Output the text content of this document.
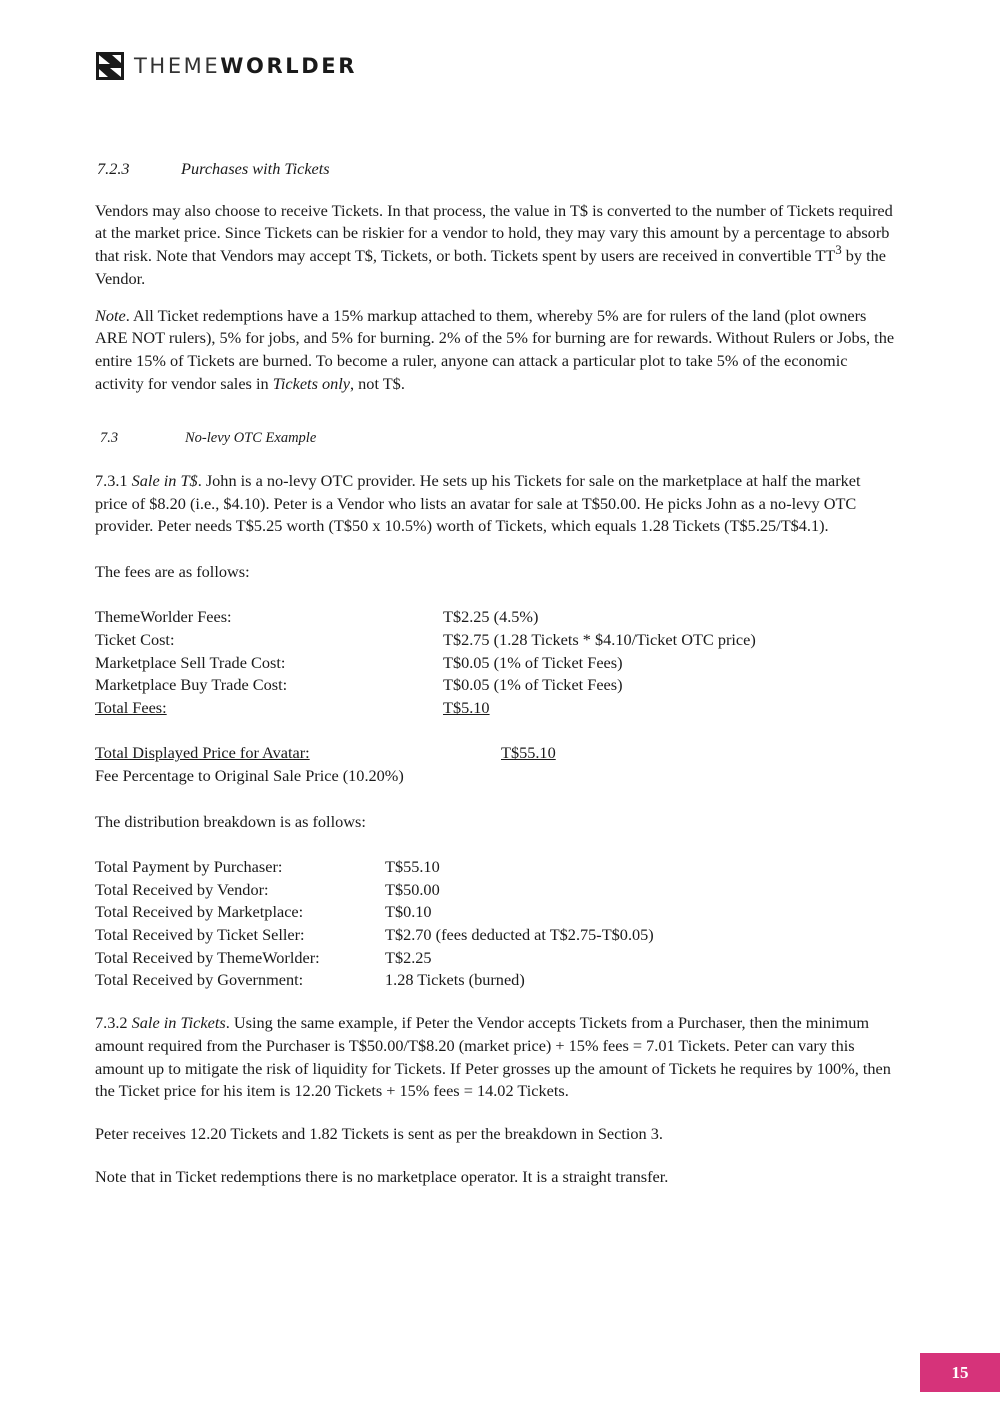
THEMEWORLDER
7.2.3	Purchases with Tickets

Vendors may also choose to receive Tickets. In that process, the value in T$ is converted to the number of Tickets required at the market price. Since Tickets can be riskier for a vendor to hold, they may vary this amount by a percentage to absorb that risk. Note that Vendors may accept T$, Tickets, or both. Tickets spent by users are received in convertible $TT^3$ by the Vendor.

Note. All Ticket redemptions have a 15% markup attached to them, whereby 5% are for rulers of the land (plot owners ARE NOT rulers), 5% for jobs, and 5% for burning. 2% of the 5% for burning are for rewards. Without Rulers or Jobs, the entire 15% of Tickets are burned. To become a ruler, anyone can attack a particular plot to take 5% of the economic activity for vendor sales in Tickets only, not T$.

7.3	No-levy OTC Example

7.3.1 Sale in T$. John is a no-levy OTC provider. He sets up his Tickets for sale on the marketplace at half the market price of $8.20 (i.e., $4.10). Peter is a Vendor who lists an avatar for sale at T$50.00. He picks John as a no-levy OTC provider. Peter needs T$5.25 worth (T$50 x 10.5%) worth of Tickets, which equals 1.28 Tickets (T$5.25/T$4.1).

The fees are as follows:

ThemeWorlder Fees:	T$2.25 (4.5%)
Ticket Cost:	T$2.75 (1.28 Tickets * $4.10/Ticket OTC price)
Marketplace Sell Trade Cost:	T$0.05 (1% of Ticket Fees)
Marketplace Buy Trade Cost:	T$0.05 (1% of Ticket Fees)
Total Fees:	T$5.10
Total Displayed Price for Avatar:	T$55.10

Fee Percentage to Original Sale Price (10.20%)

The distribution breakdown is as follows:

Total Payment by Purchaser:	T$55.10
Total Received by Vendor:	T$50.00
Total Received by Marketplace:	T$0.10
Total Received by Ticket Seller:	T$2.70 (fees deducted at T$2.75-T$0.05)
Total Received by ThemeWorlder:	T$2.25
Total Received by Government:	1.28 Tickets (burned)

7.3.2 Sale in Tickets. Using the same example, if Peter the Vendor accepts Tickets from a Purchaser, then the minimum amount required from the Purchaser is T$50.00/T$8.20 (market price) + 15% fees = 7.01 Tickets. Peter can vary this amount up to mitigate the risk of liquidity for Tickets. If Peter grosses up the amount of Tickets he requires by 100%, then the Ticket price for his item is 12.20 Tickets + 15% fees = 14.02 Tickets.

Peter receives 12.20 Tickets and 1.82 Tickets is sent as per the breakdown in Section 3.

Note that in Ticket redemptions there is no marketplace operator. It is a straight transfer.

15
